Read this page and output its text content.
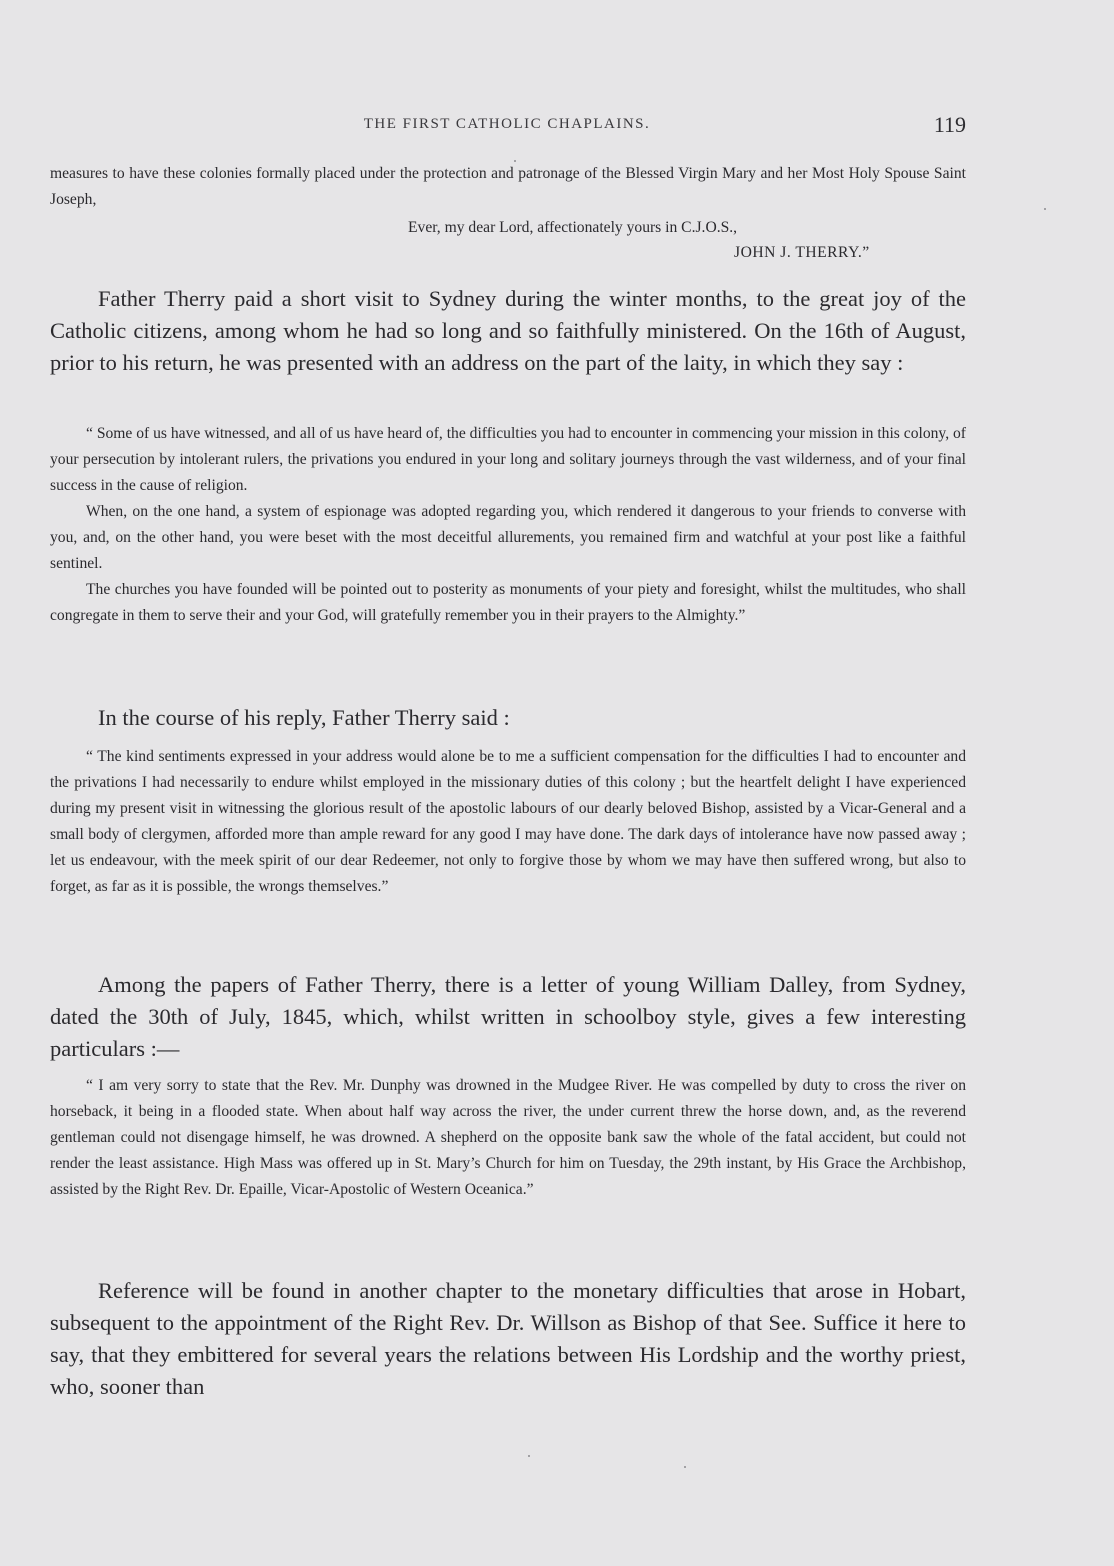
THE FIRST CATHOLIC CHAPLAINS.	119

measures to have these colonies formally placed under the protection and patronage of the Blessed Virgin Mary and her Most Holy Spouse Saint Joseph,

Ever, my dear Lord, affectionately yours in C.J.O.S.,
JOHN J. THERRY.”

Father Therry paid a short visit to Sydney during the winter months, to the great joy of the Catholic citizens, among whom he had so long and so faithfully ministered. On the 16th of August, prior to his return, he was presented with an address on the part of the laity, in which they say :

“ Some of us have witnessed, and all of us have heard of, the difficulties you had to encounter in commencing your mission in this colony, of your persecution by intolerant rulers, the privations you endured in your long and solitary journeys through the vast wilderness, and of your final success in the cause of religion.

When, on the one hand, a system of espionage was adopted regarding you, which rendered it dangerous to your friends to converse with you, and, on the other hand, you were beset with the most deceitful allurements, you remained firm and watchful at your post like a faithful sentinel.

The churches you have founded will be pointed out to posterity as monuments of your piety and foresight, whilst the multitudes, who shall congregate in them to serve their and your God, will gratefully remember you in their prayers to the Almighty.”

In the course of his reply, Father Therry said :

“ The kind sentiments expressed in your address would alone be to me a sufficient compensation for the difficulties I had to encounter and the privations I had necessarily to endure whilst employed in the missionary duties of this colony ; but the heartfelt delight I have experienced during my present visit in witnessing the glorious result of the apostolic labours of our dearly beloved Bishop, assisted by a Vicar-General and a small body of clergymen, afforded more than ample reward for any good I may have done. The dark days of intolerance have now passed away ; let us endeavour, with the meek spirit of our dear Redeemer, not only to forgive those by whom we may have then suffered wrong, but also to forget, as far as it is possible, the wrongs themselves.”

Among the papers of Father Therry, there is a letter of young William Dalley, from Sydney, dated the 30th of July, 1845, which, whilst written in schoolboy style, gives a few interesting particulars :—

“ I am very sorry to state that the Rev. Mr. Dunphy was drowned in the Mudgee River. He was compelled by duty to cross the river on horseback, it being in a flooded state. When about half way across the river, the under current threw the horse down, and, as the reverend gentleman could not disengage himself, he was drowned. A shepherd on the opposite bank saw the whole of the fatal accident, but could not render the least assistance. High Mass was offered up in St. Mary’s Church for him on Tuesday, the 29th instant, by His Grace the Archbishop, assisted by the Right Rev. Dr. Epaille, Vicar-Apostolic of Western Oceanica.”

Reference will be found in another chapter to the monetary difficulties that arose in Hobart, subsequent to the appointment of the Right Rev. Dr. Willson as Bishop of that See. Suffice it here to say, that they embittered for several years the relations between His Lordship and the worthy priest, who, sooner than
